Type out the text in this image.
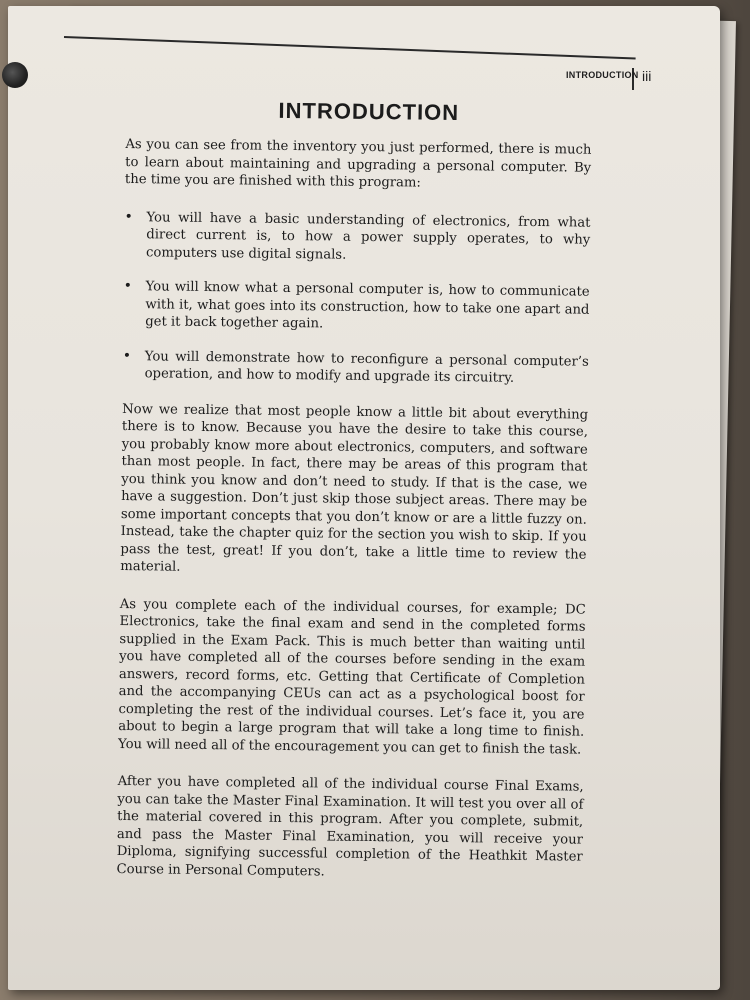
INTRODUCTION iii
INTRODUCTION

As you can see from the inventory you just performed, there is much to learn about maintaining and upgrading a personal computer. By the time you are finished with this program:

•	You will have a basic understanding of electronics, from what direct current is, to how a power supply operates, to why computers use digital signals.
•	You will know what a personal computer is, how to communicate with it, what goes into its construction, how to take one apart and get it back together again.
•	You will demonstrate how to reconfigure a personal computer’s operation, and how to modify and upgrade its circuitry.

Now we realize that most people know a little bit about everything there is to know. Because you have the desire to take this course, you probably know more about electronics, computers, and software than most people. In fact, there may be areas of this program that you think you know and don’t need to study. If that is the case, we have a suggestion. Don’t just skip those subject areas. There may be some important concepts that you don’t know or are a little fuzzy on. Instead, take the chapter quiz for the section you wish to skip. If you pass the test, great! If you don’t, take a little time to review the material.

As you complete each of the individual courses, for example; DC Electronics, take the final exam and send in the completed forms supplied in the Exam Pack. This is much better than waiting until you have completed all of the courses before sending in the exam answers, record forms, etc. Getting that Certificate of Completion and the accompanying CEUs can act as a psychological boost for completing the rest of the individual courses. Let’s face it, you are about to begin a large program that will take a long time to finish. You will need all of the encouragement you can get to finish the task.

After you have completed all of the individual course Final Exams, you can take the Master Final Examination. It will test you over all of the material covered in this program. After you complete, submit, and pass the Master Final Examination, you will receive your Diploma, signifying successful completion of the Heathkit Master Course in Personal Computers.
